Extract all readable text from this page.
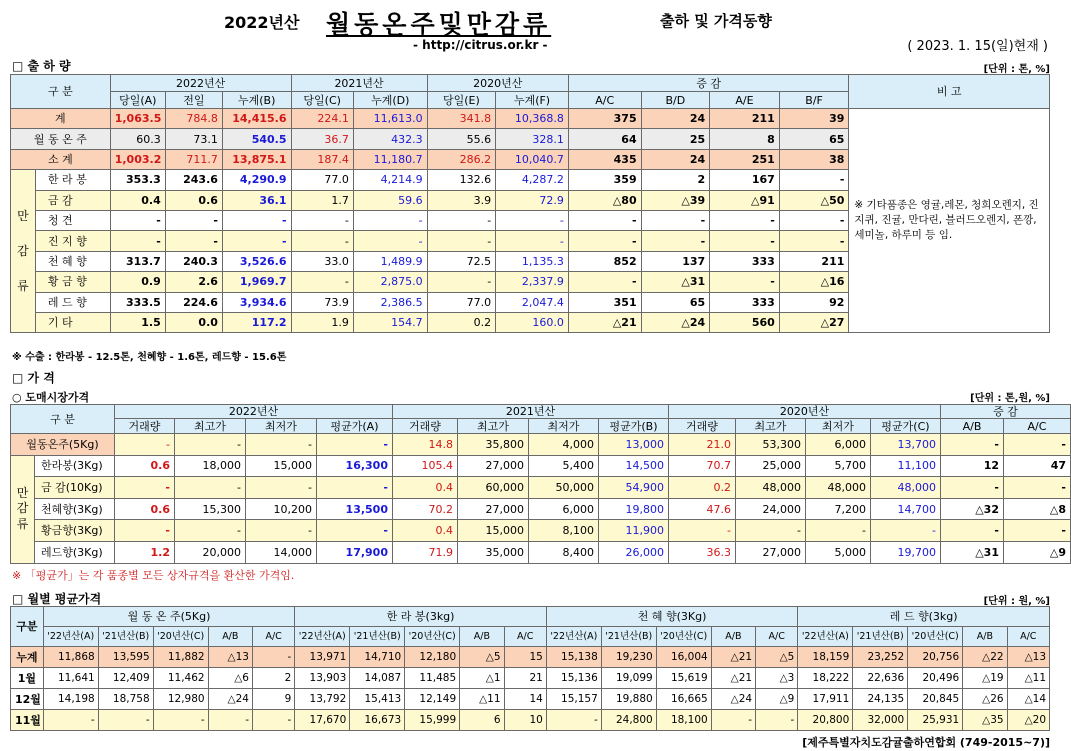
2022년산 월동온주및만감류	출하 및 가격동향
- http://citrus.or.kr -	( 2023. 1. 15(일)현재 )
□ 출 하 량	[단위 : 톤, %]
구 분		2022년산			2021년산		2020년산		증 감				비 고
		당일(A)	전일	누계(B)	당일(C)	누계(D)	당일(E)	누계(F)	A/C	B/D	A/E	B/F	
계		1,063.5	784.8	14,415.6	224.1	11,613.0	341.8	10,368.8	375	24	211	39	※ 기타품종은 영귤,레몬, 청희오렌지, 진지퀴, 진귤, 만다린, 블러드오렌지, 폰깡,세미놀, 하루미 등 임.
월 동 온 주		60.3	73.1	540.5	36.7	432.3	55.6	328.1	64	25	8	65	
소 계		1,003.2	711.7	13,875.1	187.4	11,180.7	286.2	10,040.7	435	24	251	38	

만
감
류	한 라 봉	353.3	243.6	4,290.9	77.0	4,214.9	132.6	4,287.2	359	2	167	-	
	금 감	0.4	0.6	36.1	1.7	59.6	3.9	72.9	△80	△39	△91	△50	
	청 견	-	-	-	-	-	-	-	-	-	-	-	
	진 지 향	-	-	-	-	-	-	-	-	-	-	-	
	천 혜 향	313.7	240.3	3,526.6	33.0	1,489.9	72.5	1,135.3	852	137	333	211	
	황 금 향	0.9	2.6	1,969.7	-	2,875.0	-	2,337.9	-	△31	-	△16	
	레 드 향	333.5	224.6	3,934.6	73.9	2,386.5	77.0	2,047.4	351	65	333	92	
	기 타	1.5	0.0	117.2	1.9	154.7	0.2	160.0	△21	△24	560	△27	
※ 수출 : 한라봉 - 12.5톤, 천혜향 - 1.6톤, 레드향 - 15.6톤
□ 가 격
○ 도매시장가격	[단위 : 톤,원, %]
구 분		2022년산				2021년산				2020년산				증 감	
		거래량	최고가	최저가	평균가(A)	거래량	최고가	최저가	평균가(B)	거래량	최고가	최저가	평균가(C)	A/B	A/C
월동온주(5Kg)		-	-	-	-	14.8	35,800	4,000	13,000	21.0	53,300	6,000	13,700	-	-

만
감
류	한라봉(3Kg)	0.6	18,000	15,000	16,300	105.4	27,000	5,400	14,500	70.7	25,000	5,700	11,100	12	47
	금 감(10Kg)	-	-	-	-	0.4	60,000	50,000	54,900	0.2	48,000	48,000	48,000	-	-
	천혜향(3Kg)	0.6	15,300	10,200	13,500	70.2	27,000	6,000	19,800	47.6	24,000	7,200	14,700	△32	△8
	황금향(3Kg)	-	-	-	-	0.4	15,000	8,100	11,900	-	-	-	-	-	-
	레드향(3Kg)	1.2	20,000	14,000	17,900	71.9	35,000	8,400	26,000	36.3	27,000	5,000	19,700	△31	△9
※ 「평균가」는 각 품종별 모든 상자규격을 환산한 가격임.
□ 월별 평균가격	[단위 : 원, %]
구분	월 동 온 주(5Kg)					한 라 봉(3kg)					천 혜 향(3Kg)					레 드 향(3kg)				
	'22년산(A)	'21년산(B)	'20년산(C)	A/B	A/C	'22년산(A)	'21년산(B)	'20년산(C)	A/B	A/C	'22년산(A)	'21년산(B)	'20년산(C)	A/B	A/C	'22년산(A)	'21년산(B)	'20년산(C)	A/B	A/C
누계	11,868	13,595	11,882	△13	-	13,971	14,710	12,180	△5	15	15,138	19,230	16,004	△21	△5	18,159	23,252	20,756	△22	△13
1월	11,641	12,409	11,462	△6	2	13,903	14,087	11,485	△1	21	15,136	19,099	15,619	△21	△3	18,222	22,636	20,496	△19	△11
12월	14,198	18,758	12,980	△24	9	13,792	15,413	12,149	△11	14	15,157	19,880	16,665	△24	△9	17,911	24,135	20,845	△26	△14
11월	-	-	-	-	-	17,670	16,673	15,999	6	10	-	24,800	18,100	-	-	20,800	32,000	25,931	△35	△20
[제주특별자치도감귤출하연합회 (749-2015~7)]
